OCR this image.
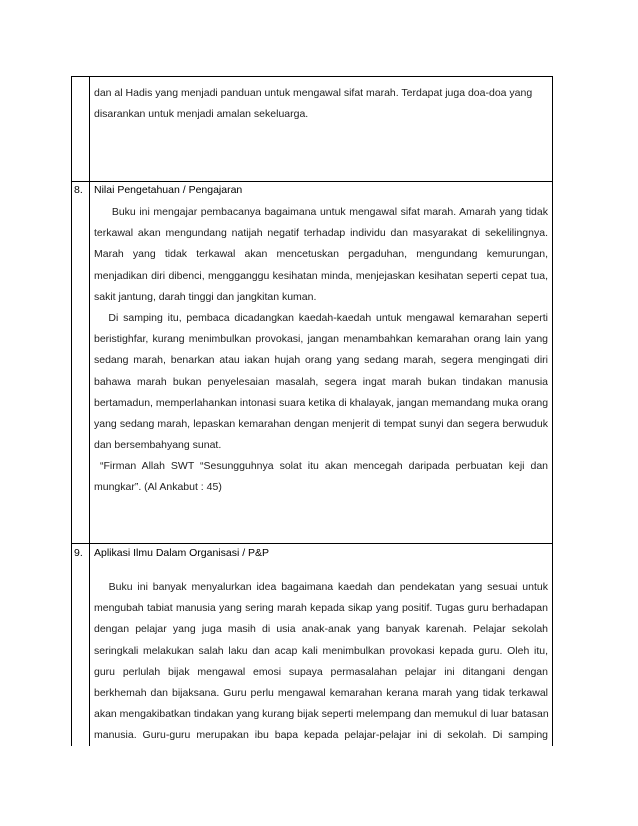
dan al Hadis yang menjadi panduan untuk mengawal sifat marah. Terdapat juga doa-doa yang
disarankan untuk menjadi amalan sekeluarga.
8. Nilai Pengetahuan / Pengajaran
Buku ini mengajar pembacanya bagaimana untuk mengawal sifat marah. Amarah yang tidak
terkawal akan mengundang natijah negatif terhadap individu dan masyarakat di sekelilingnya.
Marah yang tidak terkawal akan mencetuskan pergaduhan, mengundang kemurungan,
menjadikan diri dibenci, mengganggu kesihatan minda, menjejaskan kesihatan seperti cepat tua,
sakit jantung, darah tinggi dan jangkitan kuman.
Di samping itu, pembaca dicadangkan kaedah-kaedah untuk mengawal kemarahan seperti
beristighfar, kurang menimbulkan provokasi, jangan menambahkan kemarahan orang lain yang
sedang marah, benarkan atau iakan hujah orang yang sedang marah, segera mengingati diri
bahawa marah bukan penyelesaian masalah, segera ingat marah bukan tindakan manusia
bertamadun, memperlahankan intonasi suara ketika di khalayak, jangan memandang muka orang
yang sedang marah, lepaskan kemarahan dengan menjerit di tempat sunyi dan segera berwuduk
dan bersembahyang sunat.
“Firman Allah SWT “Sesungguhnya solat itu akan mencegah daripada perbuatan keji dan
mungkar”. (Al Ankabut : 45)
9. Aplikasi Ilmu Dalam Organisasi / P&P
Buku ini banyak menyalurkan idea bagaimana kaedah dan pendekatan yang sesuai untuk
mengubah tabiat manusia yang sering marah kepada sikap yang positif. Tugas guru berhadapan
dengan pelajar yang juga masih di usia anak-anak yang banyak karenah. Pelajar sekolah
seringkali melakukan salah laku dan acap kali menimbulkan provokasi kepada guru. Oleh itu,
guru perlulah bijak mengawal emosi supaya permasalahan pelajar ini ditangani dengan
berkhemah dan bijaksana. Guru perlu mengawal kemarahan kerana marah yang tidak terkawal
akan mengakibatkan tindakan yang kurang bijak seperti melempang dan memukul di luar batasan
manusia. Guru-guru merupakan ibu bapa kepada pelajar-pelajar ini di sekolah. Di samping
